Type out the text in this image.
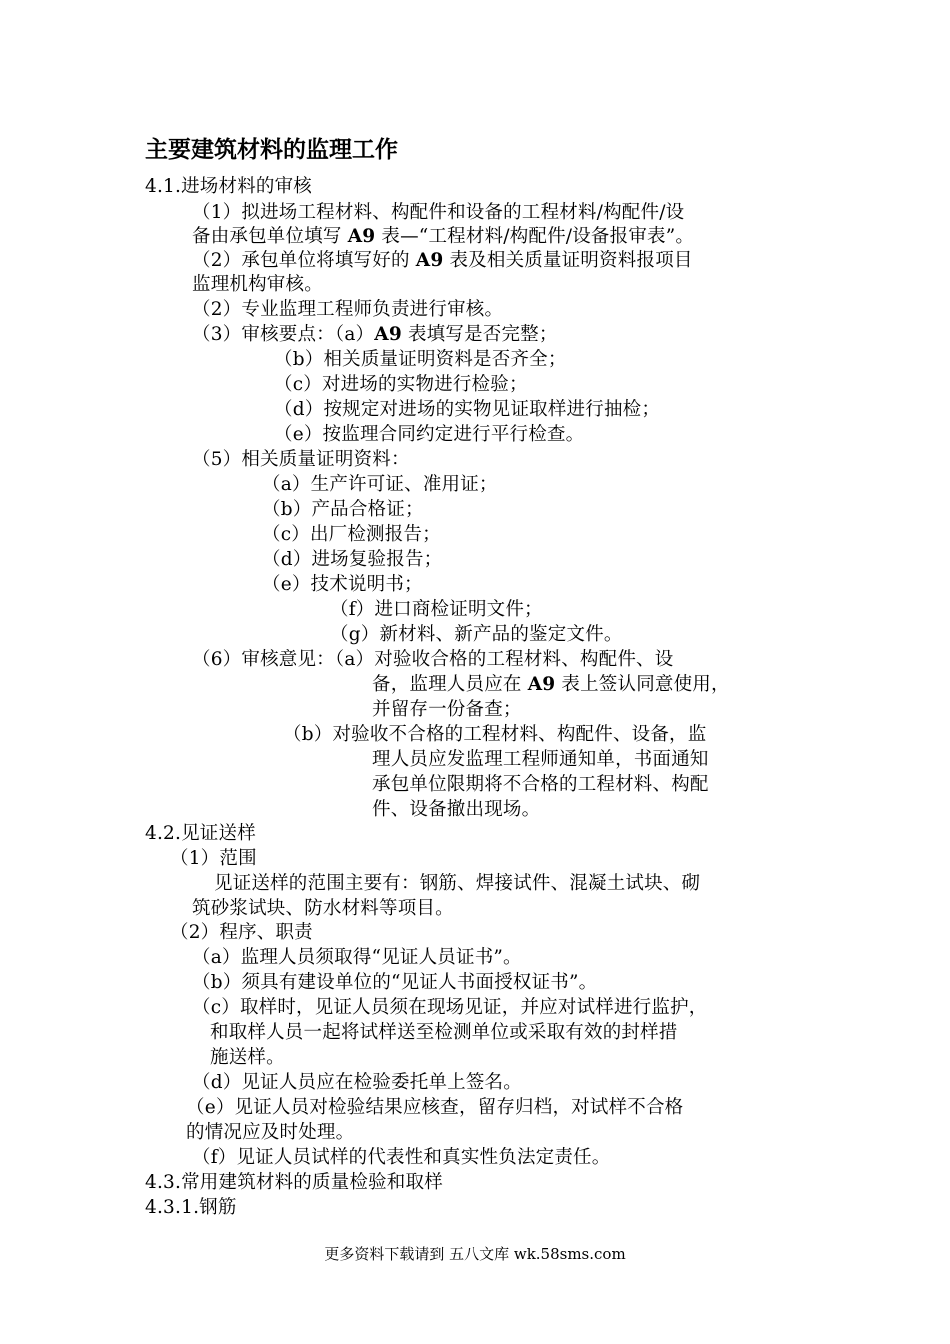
主要建筑材料的监理工作
4.1.进场材料的审核
（1）拟进场工程材料、构配件和设备的工程材料/构配件/设
备由承包单位填写 A9 表—“工程材料/构配件/设备报审表”。
（2）承包单位将填写好的 A9 表及相关质量证明资料报项目
监理机构审核。
（2）专业监理工程师负责进行审核。
（3）审核要点：（a）A9 表填写是否完整；
（b）相关质量证明资料是否齐全；
（c）对进场的实物进行检验；
（d）按规定对进场的实物见证取样进行抽检；
（e）按监理合同约定进行平行检查。
（5）相关质量证明资料：
（a）生产许可证、准用证；
（b）产品合格证；
（c）出厂检测报告；
（d）进场复验报告；
（e）技术说明书；
（f）进口商检证明文件；
（g）新材料、新产品的鉴定文件。
（6）审核意见：（a）对验收合格的工程材料、构配件、设
备，监理人员应在 A9 表上签认同意使用，
并留存一份备查；
（b）对验收不合格的工程材料、构配件、设备，监
理人员应发监理工程师通知单，书面通知
承包单位限期将不合格的工程材料、构配
件、设备撤出现场。
4.2.见证送样
（1）范围
见证送样的范围主要有：钢筋、焊接试件、混凝土试块、砌
筑砂浆试块、防水材料等项目。
（2）程序、职责
（a）监理人员须取得“见证人员证书”。
（b）须具有建设单位的“见证人书面授权证书”。
（c）取样时，见证人员须在现场见证，并应对试样进行监护，
和取样人员一起将试样送至检测单位或采取有效的封样措
施送样。
（d）见证人员应在检验委托单上签名。
（e）见证人员对检验结果应核查，留存归档，对试样不合格
的情况应及时处理。
（f）见证人员试样的代表性和真实性负法定责任。
4.3.常用建筑材料的质量检验和取样
4.3.1.钢筋
更多资料下载请到 五八文库 wk.58sms.com
